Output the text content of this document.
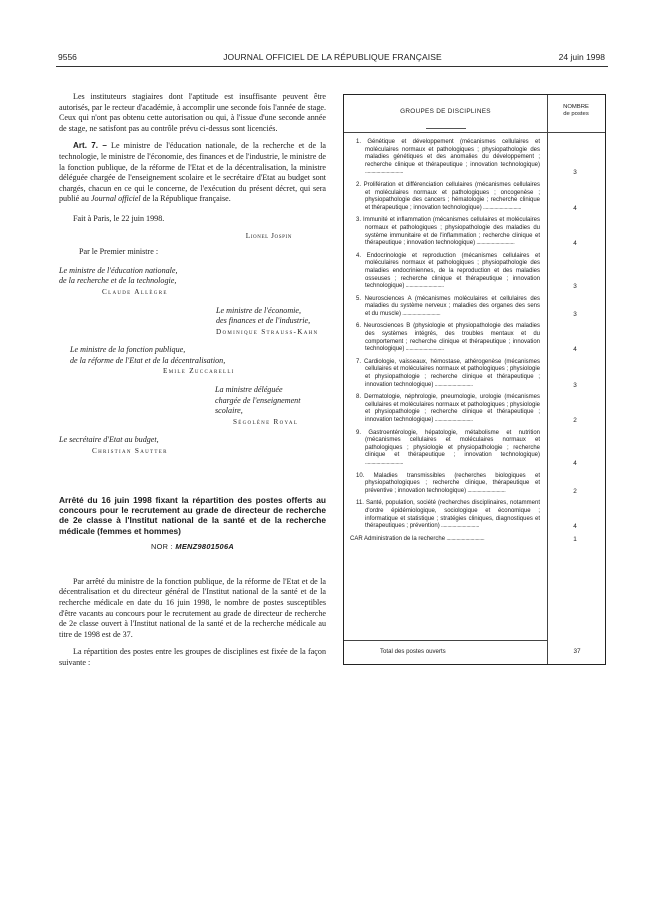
9556	JOURNAL OFFICIEL DE LA RÉPUBLIQUE FRANÇAISE	24 juin 1998

Les instituteurs stagiaires dont l'aptitude est insuffisante peuvent être autorisés, par le recteur d'académie, à accomplir une seconde fois l'année de stage. Ceux qui n'ont pas obtenu cette autorisation ou qui, à l'issue d'une seconde année de stage, ne satisfont pas au contrôle prévu ci-dessus sont licenciés.

Art. 7. – Le ministre de l'éducation nationale, de la recherche et de la technologie, le ministre de l'économie, des finances et de l'industrie, le ministre de la fonction publique, de la réforme de l'Etat et de la décentralisation, la ministre déléguée chargée de l'enseignement scolaire et le secrétaire d'Etat au budget sont chargés, chacun en ce qui le concerne, de l'exécution du présent décret, qui sera publié au Journal officiel de la République française.

Fait à Paris, le 22 juin 1998.

Lionel Jospin
Par le Premier ministre :
Le ministre de l'éducation nationale,
de la recherche et de la technologie,
Claude Allègre
Le ministre de l'économie,
des finances et de l'industrie,
Dominique Strauss-Kahn
Le ministre de la fonction publique,
de la réforme de l'Etat et de la décentralisation,
Emile Zuccarelli
La ministre déléguée
chargée de l'enseignement scolaire,
Ségolène Royal
Le secrétaire d'Etat au budget,
Christian Sautter
Arrêté du 16 juin 1998 fixant la répartition des postes offerts au concours pour le recrutement au grade de directeur de recherche de 2e classe à l'Institut national de la santé et de la recherche médicale (femmes et hommes)
NOR : MENZ9801506A

Par arrêté du ministre de la fonction publique, de la réforme de l'Etat et de la décentralisation et du directeur général de l'Institut national de la santé et de la recherche médicale en date du 16 juin 1998, le nombre de postes susceptibles d'être vacants au concours pour le recrutement au grade de directeur de recherche de 2e classe ouvert à l'Institut national de la santé et de la recherche médicale au titre de 1998 est de 37.

La répartition des postes entre les groupes de disciplines est fixée de la façon suivante :

GROUPES DE DISCIPLINES
NOMBRE
de postes
1. Génétique et développement (mécanismes cellulaires et moléculaires normaux et pathologiques ; physiopathologie des maladies génétiques et des anomalies du développement ; recherche clinique et thérapeutique ; innovation technologique) ..............................	3
2. Prolifération et différenciation cellulaires (mécanismes cellulaires et moléculaires normaux et pathologiques ; oncogenèse ; physiopathologie des cancers ; hématologie ; recherche clinique et thérapeutique ; innovation technologique) ..............................	4
3. Immunité et inflammation (mécanismes cellulaires et moléculaires normaux et pathologiques ; physiopathologie des maladies du système immunitaire et de l'inflammation ; recherche clinique et thérapeutique ; innovation technologique) ..............................	4
4. Endocrinologie et reproduction (mécanismes cellulaires et moléculaires normaux et pathologiques ; physiopathologie des maladies endocriniennes, de la reproduction et des maladies osseuses ; recherche clinique et thérapeutique ; innovation technologique) ..............................	3
5. Neurosciences A (mécanismes moléculaires et cellulaires des maladies du système nerveux ; maladies des organes des sens et du muscle) ..............................	3
6. Neurosciences B (physiologie et physiopathologie des maladies des systèmes intégrés, des troubles mentaux et du comportement ; recherche clinique et thérapeutique ; innovation technologique) ..............................	4
7. Cardiologie, vaisseaux, hémostase, athérogenèse (mécanismes cellulaires et moléculaires normaux et pathologiques ; physiologie et physiopathologie ; recherche clinique et thérapeutique ; innovation technologique) ..............................	3
8. Dermatologie, néphrologie, pneumologie, urologie (mécanismes cellulaires et moléculaires normaux et pathologiques ; physiologie et physiopathologie ; recherche clinique et thérapeutique ; innovation technologique) ..............................	2
9. Gastroentérologie, hépatologie, métabolisme et nutrition (mécanismes cellulaires et moléculaires normaux et pathologiques ; physiologie et physiopathologie ; recherche clinique et thérapeutique ; innovation technologique) ..............................	4
10. Maladies transmissibles (recherches biologiques et physiopathologiques ; recherche clinique, thérapeutique et préventive ; innovation technologique) ..............................	2
11. Santé, population, société (recherches disciplinaires, notamment d'ordre épidémiologique, sociologique et économique ; informatique et statistique ; stratégies cliniques, diagnostiques et thérapeutiques ; prévention) ..............................	4
CAR Administration de la recherche ..............................	1
Total des postes ouverts	37
